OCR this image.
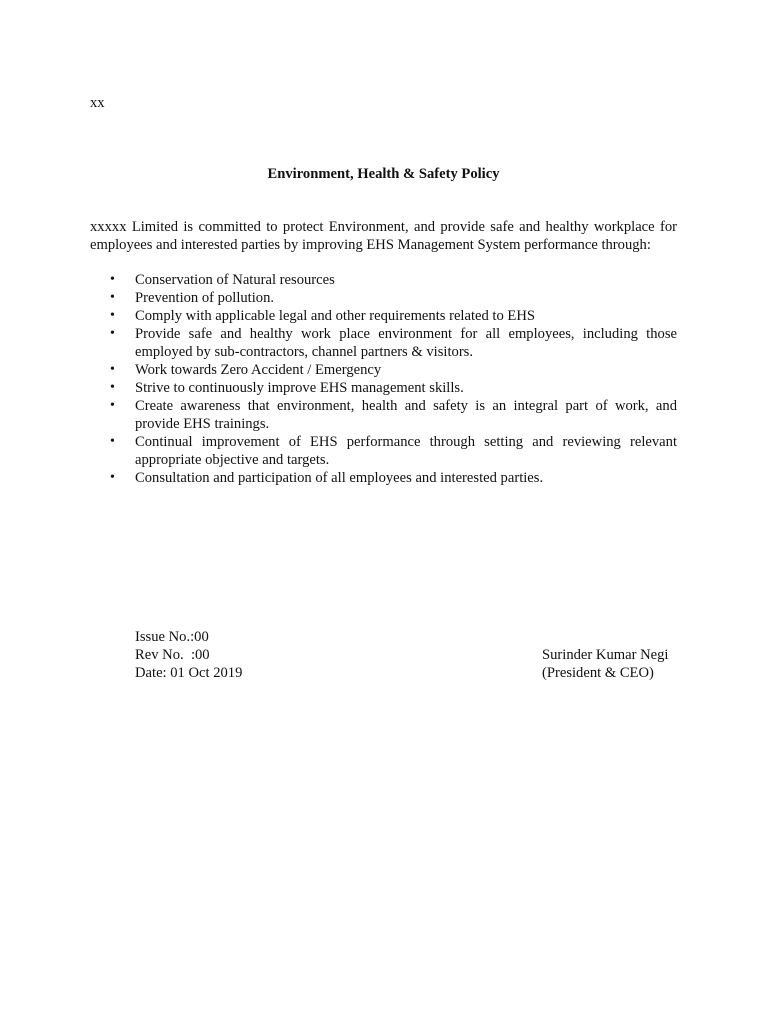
xx
Environment, Health & Safety Policy
xxxxx Limited is committed to protect Environment, and provide safe and healthy workplace for employees and interested parties by improving EHS Management System performance through:
• Conservation of Natural resources
• Prevention of pollution.
• Comply with applicable legal and other requirements related to EHS
• Provide safe and healthy work place environment for all employees, including those employed by sub-contractors, channel partners & visitors.
• Work towards Zero Accident / Emergency
• Strive to continuously improve EHS management skills.
• Create awareness that environment, health and safety is an integral part of work, and provide EHS trainings.
• Continual improvement of EHS performance through setting and reviewing relevant appropriate objective and targets.
• Consultation and participation of all employees and interested parties.
Issue No.:00
Rev No.  :00
Date: 01 Oct 2019
Surinder Kumar Negi
(President & CEO)
